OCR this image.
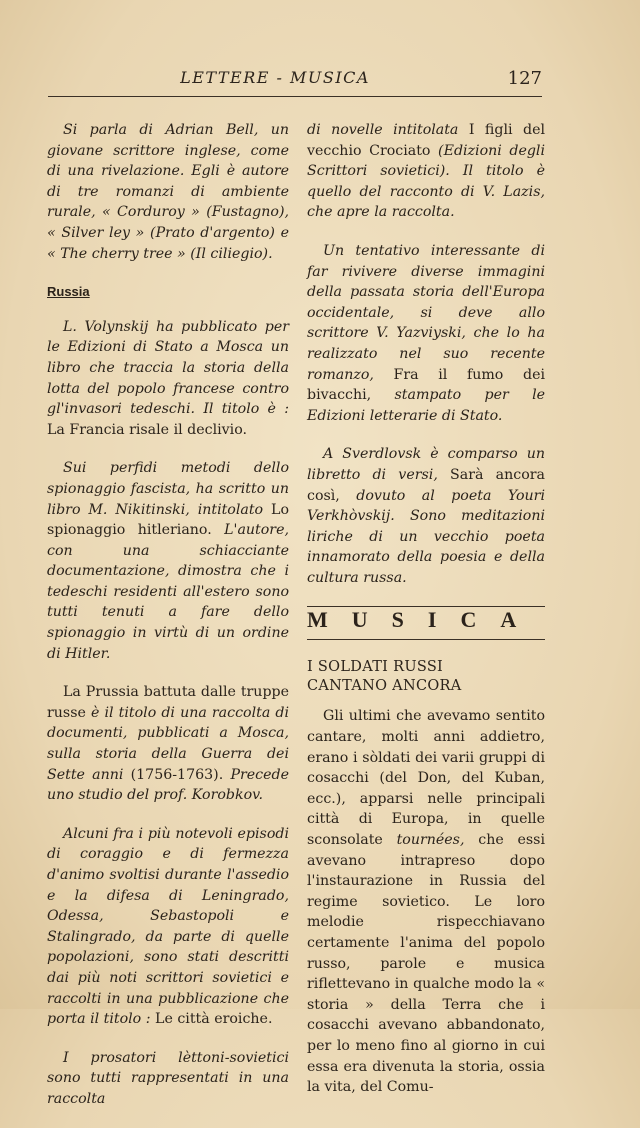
LETTERE - MUSICA	127

Si parla di Adrian Bell, un giovane scrittore inglese, come di una rivelazione. Egli è autore di tre romanzi di ambiente rurale, « Corduroy » (Fustagno), « Silver ley » (Prato d'argento) e « The cherry tree » (Il ciliegio).

Russia

L. Volynskij ha pubblicato per le Edizioni di Stato a Mosca un libro che traccia la storia della lotta del popolo francese contro gl'invasori tedeschi. Il titolo è : La Francia risale il declivio.

Sui perfidi metodi dello spionaggio fascista, ha scritto un libro M. Nikitinski, intitolato Lo spionaggio hitleriano. L'autore, con una schiacciante documentazione, dimostra che i tedeschi residenti all'estero sono tutti tenuti a fare dello spionaggio in virtù di un ordine di Hitler.

La Prussia battuta dalle truppe russe è il titolo di una raccolta di documenti, pubblicati a Mosca, sulla storia della Guerra dei Sette anni (1756-1763). Precede uno studio del prof. Korobkov.

Alcuni fra i più notevoli episodi di coraggio e di fermezza d'animo svoltisi durante l'assedio e la difesa di Leningrado, Odessa, Sebastopoli e Stalingrado, da parte di quelle popolazioni, sono stati descritti dai più noti scrittori sovietici e raccolti in una pubblicazione che porta il titolo : Le città eroiche.

I prosatori lèttoni-sovietici sono tutti rappresentati in una raccolta

di novelle intitolata I figli del vecchio Crociato (Edizioni degli Scrittori sovietici). Il titolo è quello del racconto di V. Lazis, che apre la raccolta.

Un tentativo interessante di far rivivere diverse immagini della passata storia dell'Europa occidentale, si deve allo scrittore V. Yazviyski, che lo ha realizzato nel suo recente romanzo, Fra il fumo dei bivacchi, stampato per le Edizioni letterarie di Stato.

A Sverdlovsk è comparso un libretto di versi, Sarà ancora così, dovuto al poeta Youri Verkhòvskij. Sono meditazioni liriche di un vecchio poeta innamorato della poesia e della cultura russa.

MUSICA
I SOLDATI RUSSI
CANTANO ANCORA

Gli ultimi che avevamo sentito cantare, molti anni addietro, erano i sòldati dei varii gruppi di cosacchi (del Don, del Kuban, ecc.), apparsi nelle principali città di Europa, in quelle sconsolate tournées, che essi avevano intrapreso dopo l'instaurazione in Russia del regime sovietico. Le loro melodie rispecchiavano certamente l'anima del popolo russo, parole e musica riflettevano in qualche modo la « storia » della Terra che i cosacchi avevano abbandonato, per lo meno fino al giorno in cui essa era divenuta la storia, ossia la vita, del Comu-
